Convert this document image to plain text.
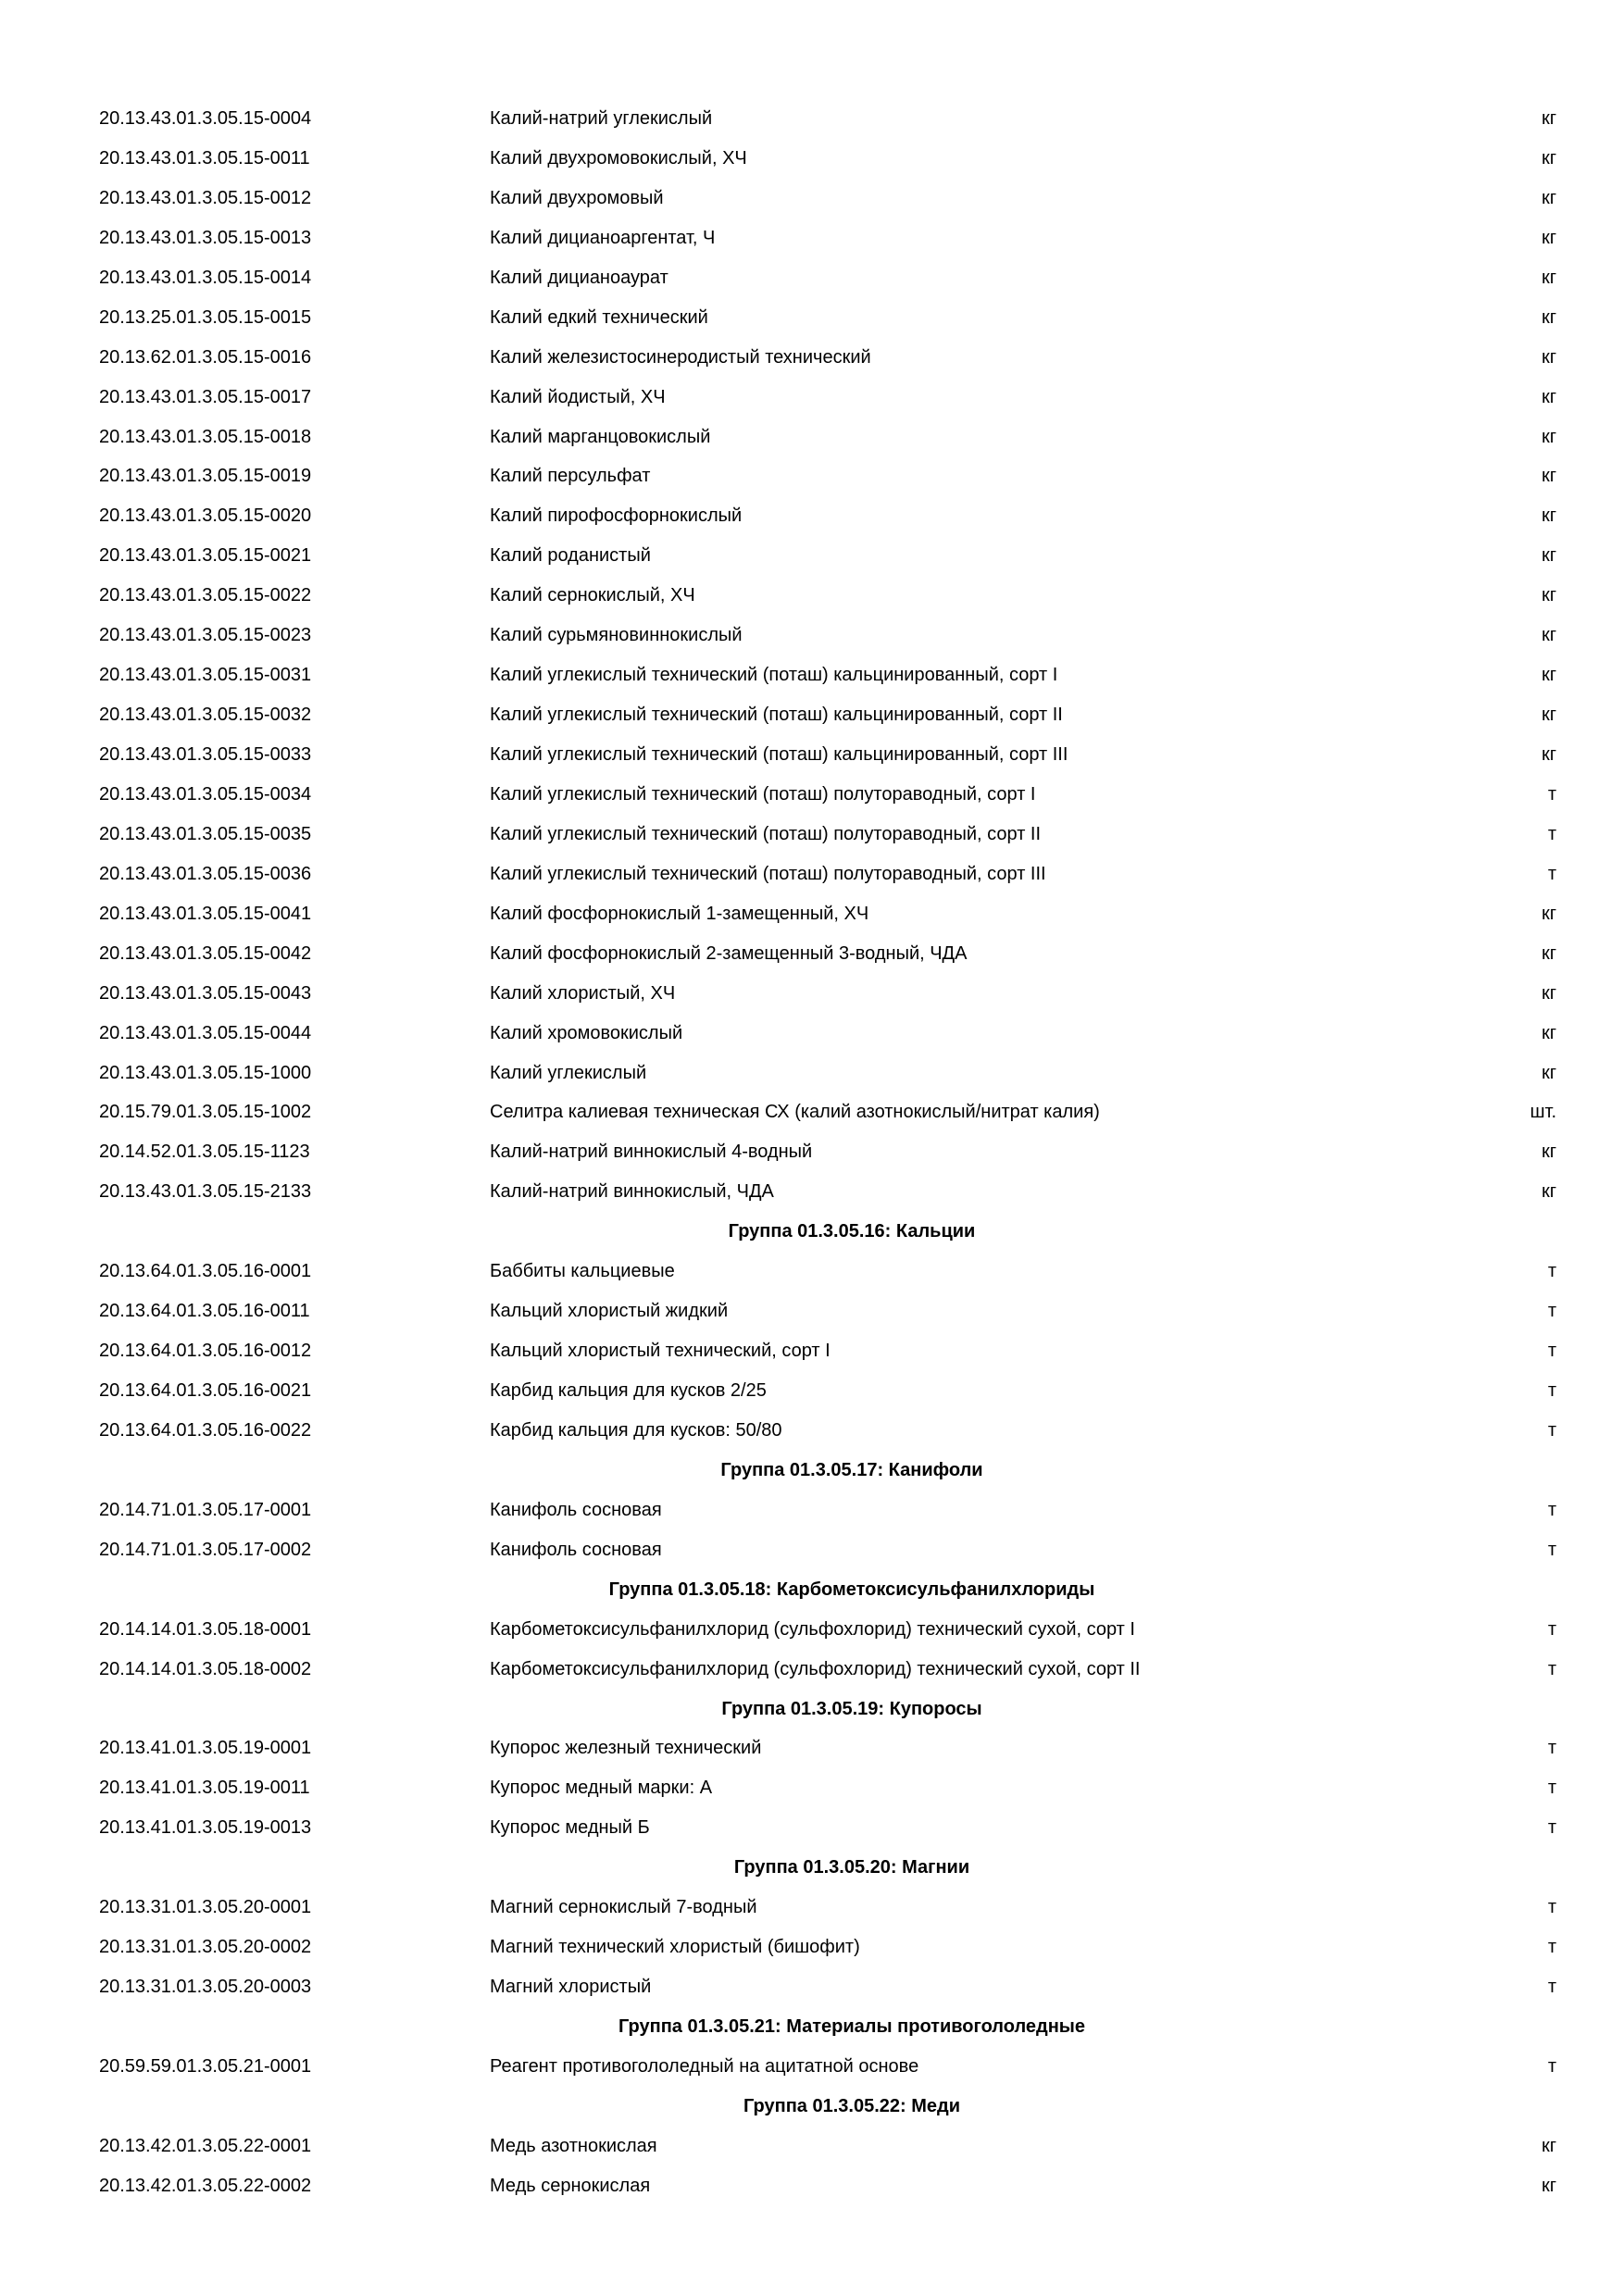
20.13.43.01.3.05.15-0004	Калий-натрий углекислый	кг
20.13.43.01.3.05.15-0011	Калий двухромовокислый, ХЧ	кг
20.13.43.01.3.05.15-0012	Калий двухромовый	кг
20.13.43.01.3.05.15-0013	Калий дицианоаргентат, Ч	кг
20.13.43.01.3.05.15-0014	Калий дицианоаурат	кг
20.13.25.01.3.05.15-0015	Калий едкий технический	кг
20.13.62.01.3.05.15-0016	Калий железистосинеродистый технический	кг
20.13.43.01.3.05.15-0017	Калий йодистый, ХЧ	кг
20.13.43.01.3.05.15-0018	Калий марганцовокислый	кг
20.13.43.01.3.05.15-0019	Калий персульфат	кг
20.13.43.01.3.05.15-0020	Калий пирофосфорнокислый	кг
20.13.43.01.3.05.15-0021	Калий роданистый	кг
20.13.43.01.3.05.15-0022	Калий сернокислый, ХЧ	кг
20.13.43.01.3.05.15-0023	Калий сурьмяновиннокислый	кг
20.13.43.01.3.05.15-0031	Калий углекислый технический (поташ) кальцинированный, сорт I	кг
20.13.43.01.3.05.15-0032	Калий углекислый технический (поташ) кальцинированный, сорт II	кг
20.13.43.01.3.05.15-0033	Калий углекислый технический (поташ) кальцинированный, сорт III	кг
20.13.43.01.3.05.15-0034	Калий углекислый технический (поташ) полутораводный, сорт I	т
20.13.43.01.3.05.15-0035	Калий углекислый технический (поташ) полутораводный, сорт II	т
20.13.43.01.3.05.15-0036	Калий углекислый технический (поташ) полутораводный, сорт III	т
20.13.43.01.3.05.15-0041	Калий фосфорнокислый 1-замещенный, ХЧ	кг
20.13.43.01.3.05.15-0042	Калий фосфорнокислый 2-замещенный 3-водный, ЧДА	кг
20.13.43.01.3.05.15-0043	Калий хлористый, ХЧ	кг
20.13.43.01.3.05.15-0044	Калий хромовокислый	кг
20.13.43.01.3.05.15-1000	Калий углекислый	кг
20.15.79.01.3.05.15-1002	Селитра калиевая техническая СХ (калий азотнокислый/нитрат калия)	шт.
20.14.52.01.3.05.15-1123	Калий-натрий виннокислый 4-водный	кг
20.13.43.01.3.05.15-2133	Калий-натрий виннокислый, ЧДА	кг
Группа 01.3.05.16: Кальции
20.13.64.01.3.05.16-0001	Баббиты кальциевые	т
20.13.64.01.3.05.16-0011	Кальций хлористый жидкий	т
20.13.64.01.3.05.16-0012	Кальций хлористый технический, сорт I	т
20.13.64.01.3.05.16-0021	Карбид кальция для кусков 2/25	т
20.13.64.01.3.05.16-0022	Карбид кальция для кусков: 50/80	т
Группа 01.3.05.17: Канифоли
20.14.71.01.3.05.17-0001	Канифоль сосновая	т
20.14.71.01.3.05.17-0002	Канифоль сосновая	т
Группа 01.3.05.18: Карбометоксисульфанилхлориды
20.14.14.01.3.05.18-0001	Карбометоксисульфанилхлорид (сульфохлорид) технический сухой, сорт I	т
20.14.14.01.3.05.18-0002	Карбометоксисульфанилхлорид (сульфохлорид) технический сухой, сорт II	т
Группа 01.3.05.19: Купоросы
20.13.41.01.3.05.19-0001	Купорос железный технический	т
20.13.41.01.3.05.19-0011	Купорос медный марки: А	т
20.13.41.01.3.05.19-0013	Купорос медный Б	т
Группа 01.3.05.20: Магнии
20.13.31.01.3.05.20-0001	Магний сернокислый 7-водный	т
20.13.31.01.3.05.20-0002	Магний технический хлористый (бишофит)	т
20.13.31.01.3.05.20-0003	Магний хлористый	т
Группа 01.3.05.21: Материалы противогололедные
20.59.59.01.3.05.21-0001	Реагент противогололедный на ацитатной основе	т
Группа 01.3.05.22: Меди
20.13.42.01.3.05.22-0001	Медь азотнокислая	кг
20.13.42.01.3.05.22-0002	Медь сернокислая	кг
